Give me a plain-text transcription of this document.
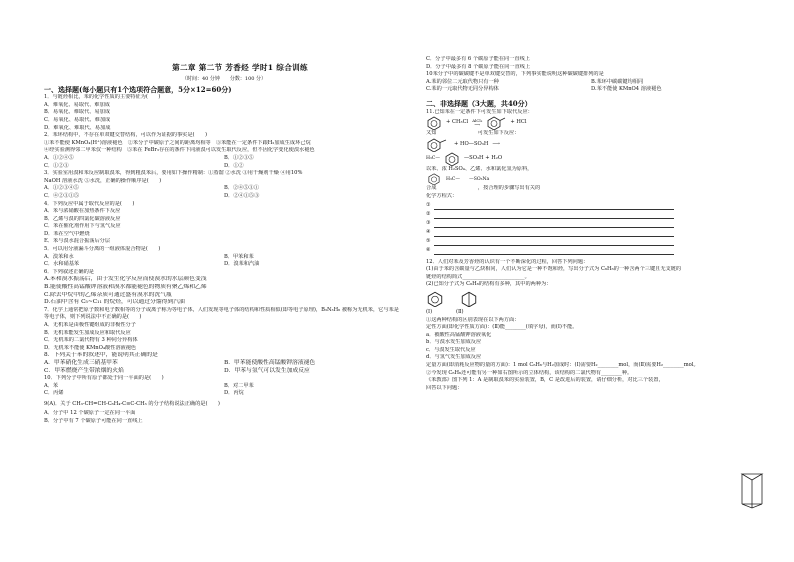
第二章 第二节 芳香烃 学时1 综合训练
（时间：40 分钟　　分数：100 分）
一、选择题(每小题只有1个选项符合题意，5分×12=60分)
1．与链烃相比，苯的化学性质的主要特征为(　　)
A．难氧化、易取代、难加成
B．易氧化、难取代、易加成
C．易氧化、易取代、难加成
D．难氧化、难取代、易加成
2．苯环结构中，不存在单双键交替结构，可以作为证据的事实是(　　)
①苯不能使 KMnO₄(H⁺)溶液褪色　②苯分子中碳原子之间的距离均相等　③苯能在一定条件下跟H₂加成生成环己烷
④经实验测得邻二甲苯仅一种结构　⑤苯在 FeBr₃存在的条件下同液溴可以发生取代反应，但不因化学变化使溴水褪色
A．①②④⑤	B．①②③⑤
C．①②③	D．①②
3．实验室用溴和苯反应制取溴苯，得到粗溴苯后，要用如下操作精制：①蒸馏 ②水洗 ③用干燥剂干燥 ④用10%
NaOH 溶液水洗 ⑤水洗，正确的操作顺序是(　　)
A．①②③④⑤	B．②④⑤③①
C．④②③①⑤	D．②④①⑤③
4．下列反应中属于取代反应的是(　　)
A．苯与浓硝酸在加热条件下反应
B．乙烯与溴的四氯化碳溶液反应
C．苯在催化剂作用下与氢气反应
D．苯在空气中燃烧
E．苯与溴水混合振荡后分层
5．可以用分液漏斗分离的一组液体混合物是(　　)
A．溴苯和水	B．甲苯和苯
C．水和硝基苯	D．溴苯和汽油
6．下列叙述正确的是
A.苯和溴水振荡后，由于发生化学反应而使溴水的水层颜色变浅
B.能使酸性高锰酸钾溶液和溴水都能褪色的物质有聚乙烯和乙烯
C.除去甲烷中的乙烯杂质可通过盛有溴水的洗气瓶
D.石油中含有 C₅~C₁₁ 的烷烃，可以通过分馏得到汽油
7．化学上通常把原子数和电子数相等的分子或离子称为等电子体，人们发现等电子体的结构和性质相似(即等电子原理)，B₃N₃H₆ 被称为无机苯，它与苯是等电子体，则下列说法中不正确的是(　　)
A．无机苯是由极性键组成的非极性分子
B．无机苯能发生加成反应和取代反应
C．无机苯的二氯代物有 3 种同分异构体
D．无机苯不能使 KMnO₄酸性溶液褪色
8．下列关于苯的叙述中，能说明其正确的是
A．甲苯硝化生成三硝基甲苯	B．甲苯能使酸性高锰酸钾溶液褪色
C．甲苯燃烧产生带浓烟的火焰	D．甲苯与氢气可以发生加成反应
10．下列分子中所有原子都处于同一平面的是(　　)
A．苯	B．对二甲苯
C．丙烯	D．丙烷
9(A)．关于 CH₃-CH=CH-C₆H₄-C≡C-CH₃ 的分子结构说法正确的是(　　)
A．分子中 12 个碳原子一定在同一平面
B．分子中有 7 个碳原子可能在同一直线上
C．分子中最多有 6 个碳原子能在同一直线上
D．分子中最多有 8 个碳原子能在同一直线上
10苯分子中的碳碳键不是单双键交替的，下列事实能说明这种碳碳键排列的是
A.苯的邻位二元取代物只有一种	B.苯环中碳碳键均相同
C.苯的一元取代物无同分异构体	D.苯不能使 KMnO4 溶液褪色
二、非选择题（3大题，共40分）
11.已知苯在一定条件下可发生如下取代反应：
+ CH₃Cl AlCl₃
⟶	+ HCl
又知　　　　　　　　可发生如下反应：
+ HO—SO₃H ⟶
H₃C—	—SO₃H + H₂O
以苯、浓 H₂SO₄、乙烯、水和氯化氢为原料，
H₃C—　　—SO₃Na
合成　　　　　　　　，按合理的步骤写出有关的
化学方程式：
①
②
③
④
⑤
⑥
12．人们对苯及芳香烃的认识有一个不断深化的过程，回答下列问题：
(1)由于苯的含碳量与乙炔相同，人们认为它是一种不饱和烃，写出分子式为 C₆H₆的一种含两个三键且无支链的
链烃的结构简式________________________。
(2)已知分子式为 C₆H₆的结构有多种，其中的两种为：
(Ⅰ)	(Ⅱ)
①这两种结构的区别表现在以下两方面：
定性方面(即化学性质方面)：(Ⅱ)能________(填字母)，而(Ⅰ)不能。
a．被酸性高锰酸钾溶液氧化
b．与溴水发生加成反应
c．与溴发生取代反应
d．与氢气发生加成反应
定量方面(即消耗反应物的量的方面)：1 mol C₆H₆与H₂加成时：(Ⅰ)需要H₂________mol，而(Ⅱ)需要H₂________mol。
②今发现 C₆H₆还可能有另一种如右图所示的立体结构，该结构的二氯代物有________种。
《苯教部》图下列 1：A 是制取溴苯的实验装置，B，C 是改进后的装置，请仔细分析，对比三个装置，
回答以下问题：
